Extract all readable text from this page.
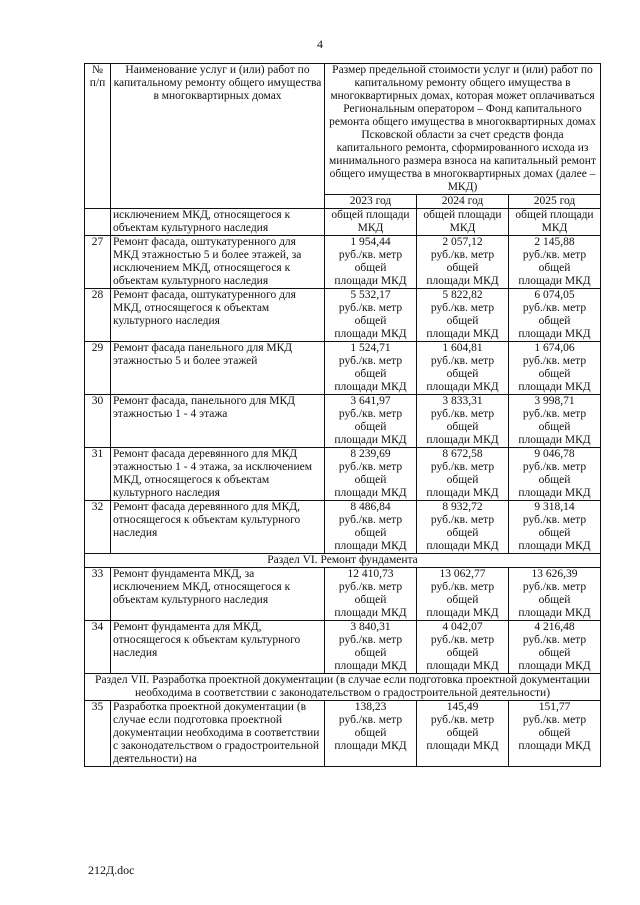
4
№ п/п	Наименование услуг и (или) работ по капитальному ремонту общего имущества в многоквартирных домах	Размер предельной стоимости услуг и (или) работ по капитальному ремонту общего имущества в многоквартирных домах, которая может оплачиваться Региональным оператором – Фонд капитального ремонта общего имущества в многоквартирных домах Псковской области за счет средств фонда капитального ремонта, сформированного исхода из минимального размера взноса на капитальный ремонт общего имущества в многоквартирных домах (далее – МКД)		
		2023 год	2024 год	2025 год
	исключением МКД, относящегося к объектам культурного наследия	общей площади МКД	общей площади МКД	общей площади МКД
27	Ремонт фасада, оштукатуренного для МКД этажностью 5 и более этажей, за исключением МКД, относящегося к объектам культурного наследия	1 954,44
руб./кв. метр
общей
площади МКД	2 057,12
руб./кв. метр
общей
площади МКД	2 145,88
руб./кв. метр
общей
площади МКД

28	Ремонт фасада, оштукатуренного для МКД, относящегося к объектам культурного наследия	5 532,17
руб./кв. метр
общей
площади МКД	5 822,82
руб./кв. метр
общей
площади МКД	6 074,05
руб./кв. метр
общей
площади МКД

29	Ремонт фасада панельного для МКД этажностью 5 и более этажей	1 524,71
руб./кв. метр
общей
площади МКД	1 604,81
руб./кв. метр
общей
площади МКД	1 674,06
руб./кв. метр
общей
площади МКД

30	Ремонт фасада, панельного для МКД этажностью 1 - 4 этажа	3 641,97
руб./кв. метр
общей
площади МКД	3 833,31
руб./кв. метр
общей
площади МКД	3 998,71
руб./кв. метр
общей
площади МКД

31	Ремонт фасада деревянного для МКД этажностью 1 - 4 этажа, за исключением МКД, относящегося к объектам культурного наследия	8 239,69
руб./кв. метр
общей
площади МКД	8 672,58
руб./кв. метр
общей
площади МКД	9 046,78
руб./кв. метр
общей
площади МКД

32	Ремонт фасада деревянного для МКД, относящегося к объектам культурного наследия	8 486,84
руб./кв. метр
общей
площади МКД	8 932,72
руб./кв. метр
общей
площади МКД	9 318,14
руб./кв. метр
общей
площади МКД

Раздел VI. Ремонт фундамента				
33	Ремонт фундамента МКД, за исключением МКД, относящегося к объектам культурного наследия	12 410,73
руб./кв. метр
общей
площади МКД	13 062,77
руб./кв. метр
общей
площади МКД	13 626,39
руб./кв. метр
общей
площади МКД

34	Ремонт фундамента для МКД, относящегося к объектам культурного наследия	3 840,31
руб./кв. метр
общей
площади МКД	4 042,07
руб./кв. метр
общей
площади МКД	4 216,48
руб./кв. метр
общей
площади МКД

Раздел VII. Разработка проектной документации (в случае если подготовка проектной документации необходима в соответствии с законодательством о градостроительной деятельности)				
35	Разработка проектной документации (в случае если подготовка проектной документации необходима в соответствии с законодательством о градостроительной деятельности) на	138,23
руб./кв. метр
общей
площади МКД	145,49
руб./кв. метр
общей
площади МКД	151,77
руб./кв. метр
общей
площади МКД
212Д.doc
